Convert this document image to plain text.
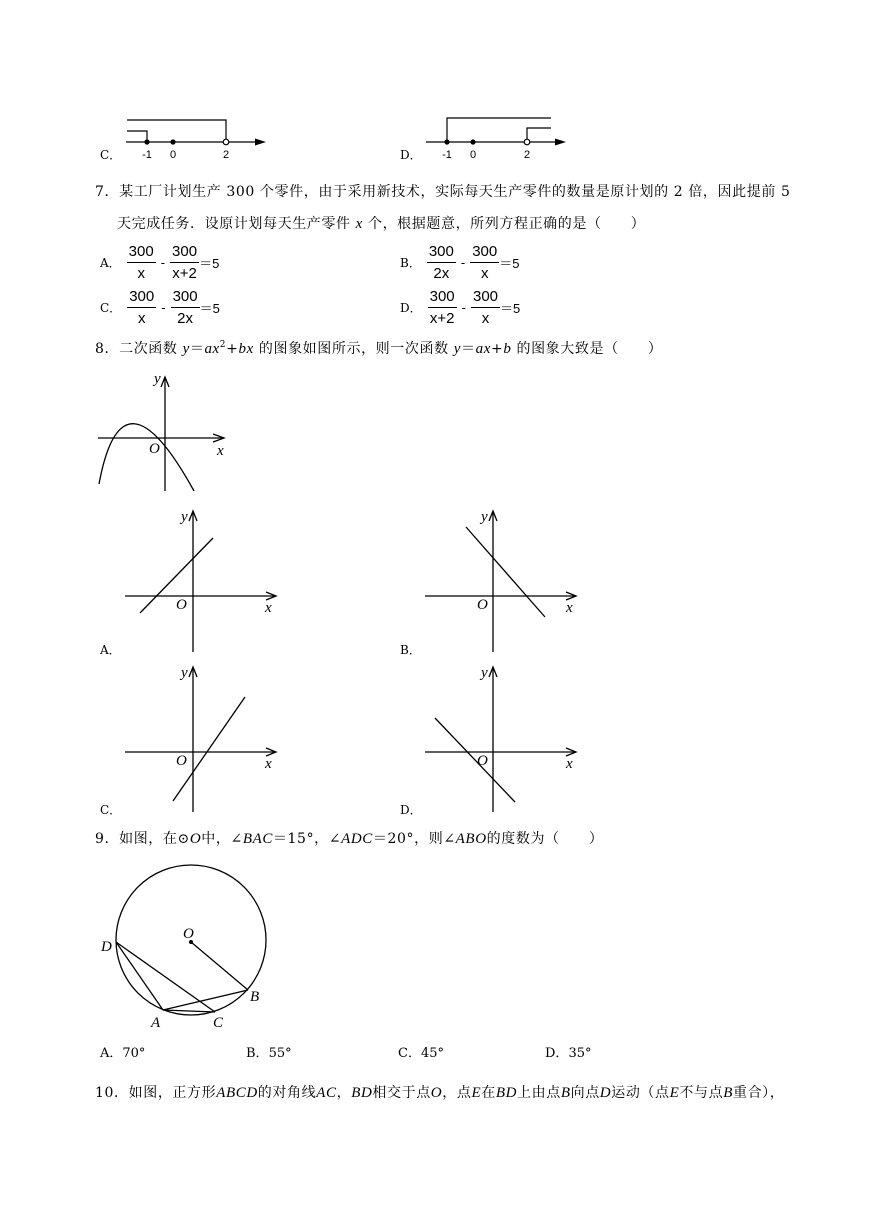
C．	D．
7．某工厂计划生产 300 个零件，由于采用新技术，实际每天生产零件的数量是原计划的 2 倍，因此提前 5
天完成任务．设原计划每天生产零件 x 个，根据题意，所列方程正确的是（　　）
A． $\frac{300}{x} - \frac{300}{x+2} =5$	B． $\frac{300}{2x} - \frac{300}{x} =5$
C． $\frac{300}{x} - \frac{300}{2x} =5$	D． $\frac{300}{x+2} - \frac{300}{x} =5$
8．二次函数 $y=ax^2+bx$ 的图象如图所示，则一次函数 y＝ax+b 的图象大致是（　　）
A．	B．
C．	D．
9．如图，在⊙O中，∠BAC＝15°，∠ADC＝20°，则∠ABO的度数为（　　）
A．70°	B．55°	C．45°	D．35°
10．如图，正方形ABCD的对角线AC，BD相交于点O，点E在BD上由点B向点D运动（点E不与点B重合），
-1 0	2	-1 0	2
y
x
O
y
x
O
y
x
O
y
x
O
y
x
O
D
O
A	C
B
